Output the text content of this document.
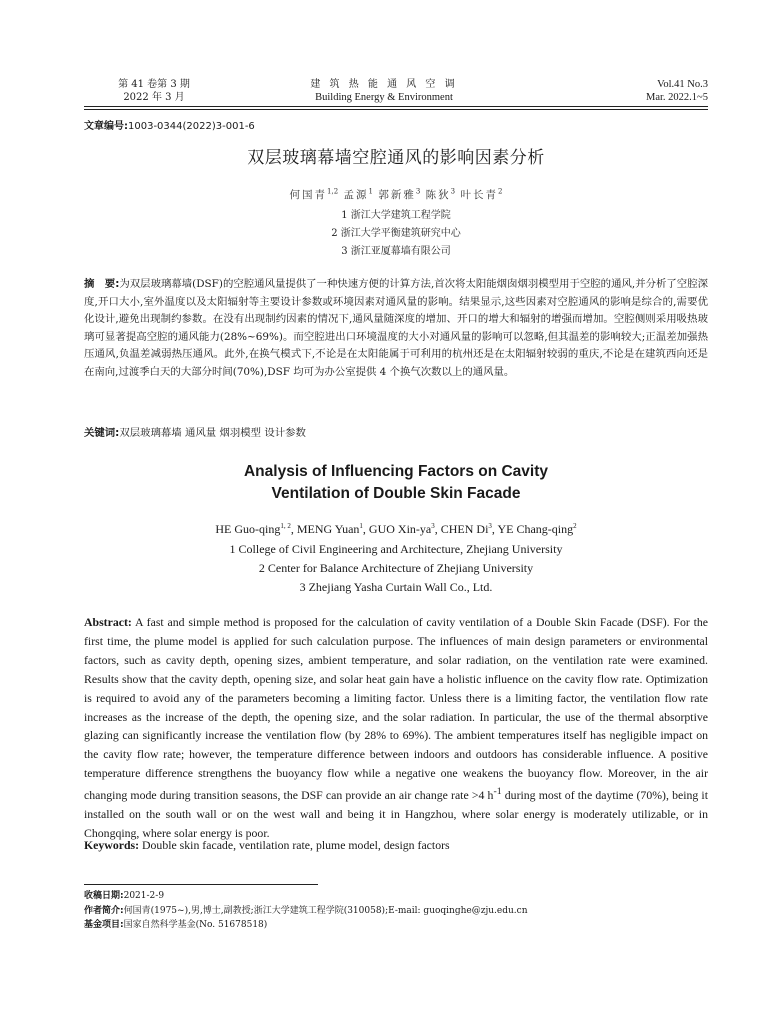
第 41 卷第 3 期
2022 年 3 月
建 筑 热 能 通 风 空 调
Building Energy & Environment
Vol.41 No.3
Mar. 2022.1~5
文章编号:1003-0344(2022)3-001-6
双层玻璃幕墙空腔通风的影响因素分析
何国青$^{1,2}$ 孟源$^1$ 郭新雅$^3$ 陈狄$^3$ 叶长青$^2$
1 浙江大学建筑工程学院
2 浙江大学平衡建筑研究中心
3 浙江亚厦幕墙有限公司
摘　要:为双层玻璃幕墙(DSF)的空腔通风量提供了一种快速方便的计算方法,首次将太阳能烟囱烟羽模型用于空腔的通风,并分析了空腔深度,开口大小,室外温度以及太阳辐射等主要设计参数或环境因素对通风量的影响。结果显示,这些因素对空腔通风的影响是综合的,需要优化设计,避免出现制约参数。在没有出现制约因素的情况下,通风量随深度的增加、开口的增大和辐射的增强而增加。空腔侧则采用吸热玻璃可显著提高空腔的通风能力(28%~69%)。而空腔进出口环境温度的大小对通风量的影响可以忽略,但其温差的影响较大;正温差加强热压通风,负温差减弱热压通风。此外,在换气模式下,不论是在太阳能属于可利用的杭州还是在太阳辐射较弱的重庆,不论是在建筑西向还是在南向,过渡季白天的大部分时间(70%),DSF 均可为办公室提供 4 个换气次数以上的通风量。
关键词:双层玻璃幕墙 通风量 烟羽模型 设计参数
Analysis of Influencing Factors on Cavity
Ventilation of Double Skin Facade
HE Guo-qing$^{1, 2}$, MENG Yuan$^1$, GUO Xin-$ya^3$, CHEN Di$^3$, YE Chang-qing$^2$
1 College of Civil Engineering and Architecture, Zhejiang University
2 Center for Balance Architecture of Zhejiang University
3 Zhejiang Yasha Curtain Wall Co., Ltd.
Abstract: A fast and simple method is proposed for the calculation of cavity ventilation of a Double Skin Facade (DSF). For the first time, the plume model is applied for such calculation purpose. The influences of main design parameters or environmental factors, such as cavity depth, opening sizes, ambient temperature, and solar radiation, on the ventilation rate were examined. Results show that the cavity depth, opening size, and solar heat gain have a holistic influence on the cavity flow rate. Optimization is required to avoid any of the parameters becoming a limiting factor. Unless there is a limiting factor, the ventilation flow rate increases as the increase of the depth, the opening size, and the solar radiation. In particular, the use of the thermal absorptive glazing can significantly increase the ventilation flow (by 28% to 69%). The ambient temperatures itself has negligible impact on the cavity flow rate; however, the temperature difference between indoors and outdoors has considerable influence. A positive temperature difference strengthens the buoyancy flow while a negative one weakens the buoyancy flow. Moreover, in the air changing mode during transition seasons, the DSF can provide an air change rate >4 $h^{-1}$ during most of the daytime (70%), being it installed on the south wall or on the west wall and being it in Hangzhou, where solar energy is moderately utilizable, or in Chongqing, where solar energy is poor.
Keywords: Double skin facade, ventilation rate, plume model, design factors
收稿日期:2021-2-9
作者简介:何国青(1975~),男,博士,副教授;浙江大学建筑工程学院(310058);E-mail: guoqinghe@zju.edu.cn
基金项目:国家自然科学基金(No. 51678518)
